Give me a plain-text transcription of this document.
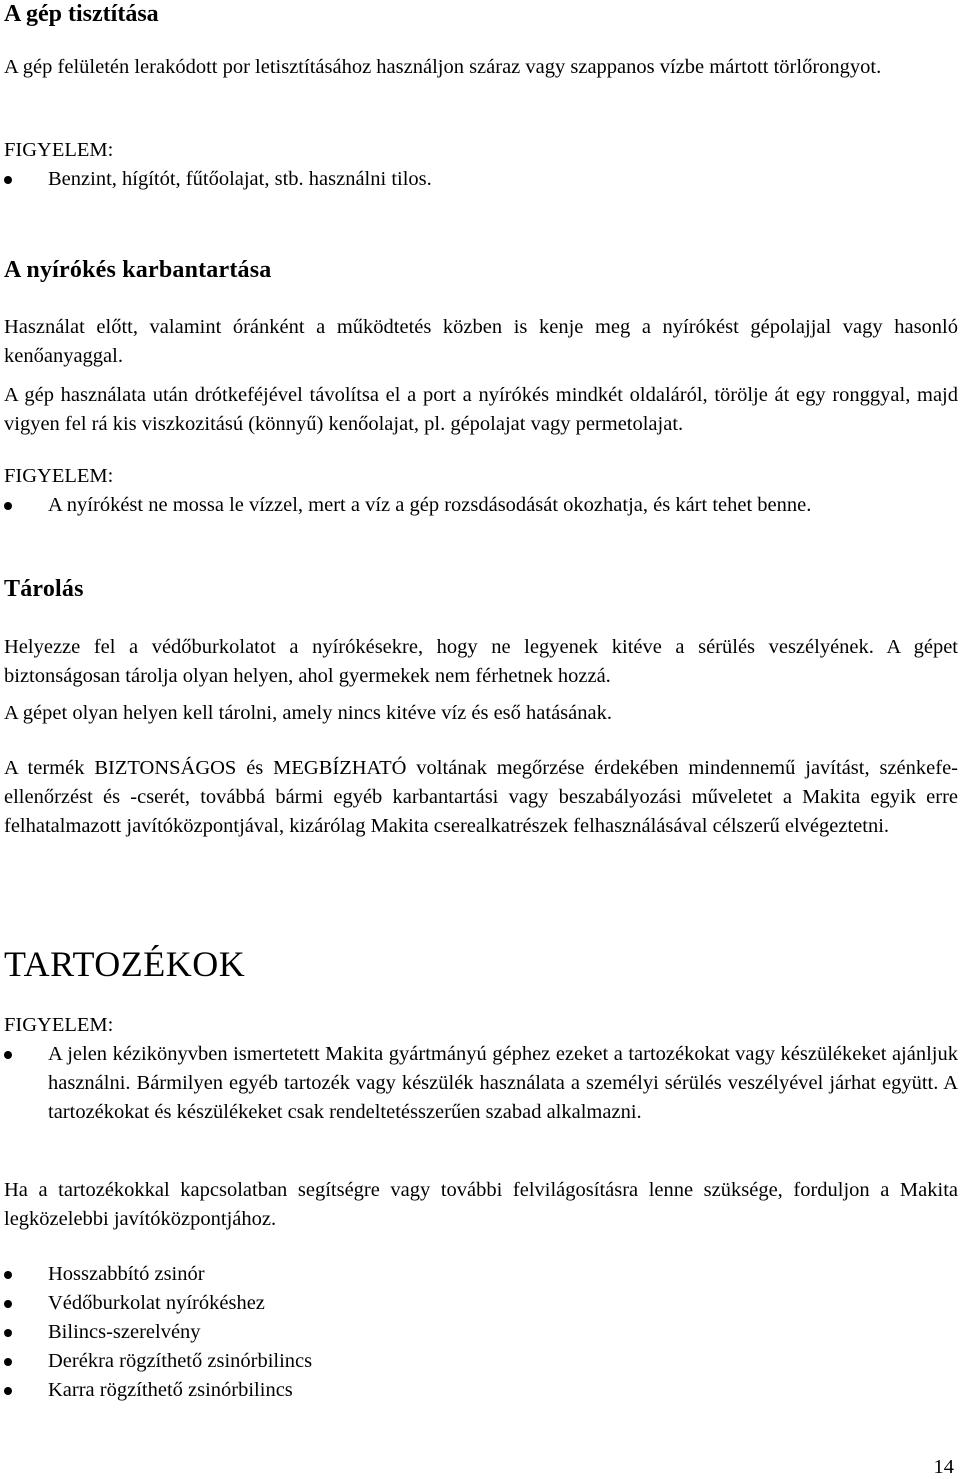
A gép tisztítása

A gép felületén lerakódott por letisztításához használjon száraz vagy szappanos vízbe mártott törlőrongyot.

FIGYELEM:

Benzint, hígítót, fűtőolajat, stb. használni tilos.
A nyírókés karbantartása

Használat előtt, valamint óránként a működtetés közben is kenje meg a nyírókést gépolajjal vagy hasonló kenőanyaggal.

A gép használata után drótkeféjével távolítsa el a port a nyírókés mindkét oldaláról, törölje át egy ronggyal, majd vigyen fel rá kis viszkozitású (könnyű) kenőolajat, pl. gépolajat vagy permetolajat.

FIGYELEM:

A nyírókést ne mossa le vízzel, mert a víz a gép rozsdásodását okozhatja, és kárt tehet benne.
Tárolás

Helyezze fel a védőburkolatot a nyírókésekre, hogy ne legyenek kitéve a sérülés veszélyének. A gépet biztonságosan tárolja olyan helyen, ahol gyermekek nem férhetnek hozzá.

A gépet olyan helyen kell tárolni, amely nincs kitéve víz és eső hatásának.

A termék BIZTONSÁGOS és MEGBÍZHATÓ voltának megőrzése érdekében mindennemű javítást, szénkefe-ellenőrzést és -cserét, továbbá bármi egyéb karbantartási vagy beszabályozási műveletet a Makita egyik erre felhatalmazott javítóközpontjával, kizárólag Makita cserealkatrészek felhasználásával célszerű elvégeztetni.

TARTOZÉKOK

FIGYELEM:

A jelen kézikönyvben ismertetett Makita gyártmányú géphez ezeket a tartozékokat vagy készülékeket ajánljuk használni. Bármilyen egyéb tartozék vagy készülék használata a személyi sérülés veszélyével járhat együtt. A tartozékokat és készülékeket csak rendeltetésszerűen szabad alkalmazni.

Ha a tartozékokkal kapcsolatban segítségre vagy további felvilágosításra lenne szüksége, forduljon a Makita legközelebbi javítóközpontjához.

Hosszabbító zsinór
Védőburkolat nyírókéshez
Bilincs-szerelvény
Derékra rögzíthető zsinórbilincs
Karra rögzíthető zsinórbilincs
14
